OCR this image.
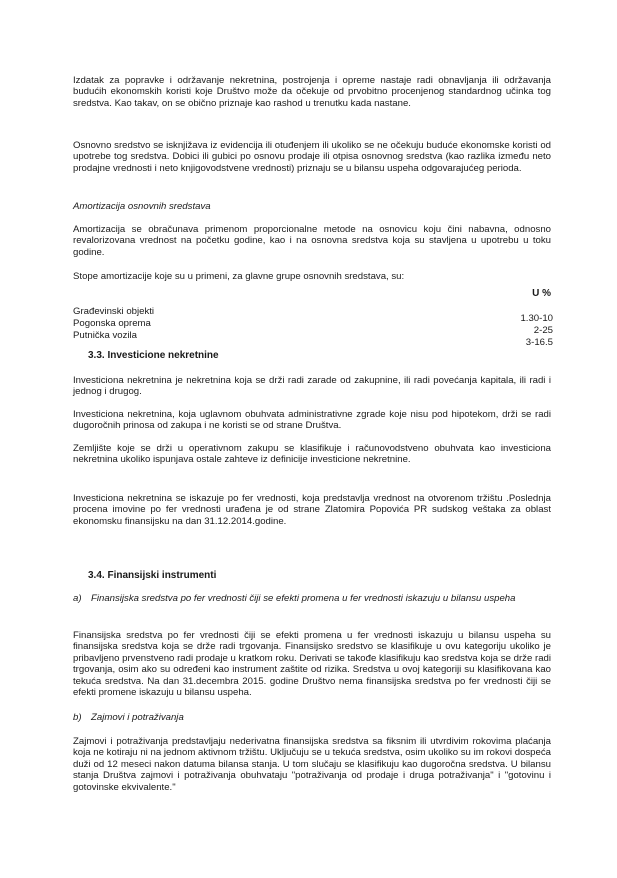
Izdatak za popravke i održavanje nekretnina, postrojenja i opreme nastaje radi obnavljanja ili održavanja budućih ekonomskih koristi koje Društvo može da očekuje od prvobitno procenjenog standardnog učinka tog sredstva. Kao takav, on se obično priznaje kao rashod u trenutku kada nastane.

Osnovno sredstvo se isknjižava iz evidencija ili otuđenjem ili ukoliko se ne očekuju buduće ekonomske koristi od upotrebe tog sredstva. Dobici ili gubici po osnovu prodaje ili otpisa osnovnog sredstva (kao razlika između neto prodajne vrednosti i neto knjigovodstvene vrednosti) priznaju se u bilansu uspeha odgovarajućeg perioda.

Amortizacija osnovnih sredstava

Amortizacija se obračunava primenom proporcionalne metode na osnovicu koju čini nabavna, odnosno revalorizovana vrednost na početku godine, kao i na osnovna sredstva koja su stavljena u upotrebu u toku godine.

Stope amortizacije koje su u primeni, za glavne grupe osnovnih sredstava, su:

U %
Građevinski objekti
Pogonska oprema
Putnička vozila
1.30-10
2-25
3-16.5
3.3. Investicione nekretnine

Investiciona nekretnina je nekretnina koja se drži radi zarade od zakupnine, ili radi povećanja kapitala, ili radi i jednog i drugog.

Investiciona nekretnina, koja uglavnom obuhvata administrativne zgrade koje nisu pod hipotekom, drži se radi dugoročnih prinosa od zakupa i ne koristi se od strane Društva.

Zemljište koje se drži u operativnom zakupu se klasifikuje i računovodstveno obuhvata kao investiciona nekretnina ukoliko ispunjava ostale zahteve iz definicije investicione nekretnine.

Investiciona nekretnina se iskazuje po fer vrednosti, koja predstavlja vrednost na otvorenom tržištu .Poslednja procena imovine po fer vrednosti urađena je od strane Zlatomira Popovića PR sudskog veštaka za oblast ekonomsku finansijsku na dan 31.12.2014.godine.

3.4. Finansijski instrumenti
a) Finansijska sredstva po fer vrednosti čiji se efekti promena u fer vrednosti iskazuju u bilansu uspeha

Finansijska sredstva po fer vrednosti čiji se efekti promena u fer vrednosti iskazuju u bilansu uspeha su finansijska sredstva koja se drže radi trgovanja. Finansijsko sredstvo se klasifikuje u ovu kategoriju ukoliko je pribavljeno prvenstveno radi prodaje u kratkom roku. Derivati se takođe klasifikuju kao sredstva koja se drže radi trgovanja, osim ako su određeni kao instrument zaštite od rizika. Sredstva u ovoj kategoriji su klasifikovana kao tekuća sredstva. Na dan 31.decembra 2015. godine Društvo nema finansijska sredstva po fer vrednosti čiji se efekti promene iskazuju u bilansu uspeha.

b) Zajmovi i potraživanja

Zajmovi i potraživanja predstavljaju nederivatna finansijska sredstva sa fiksnim ili utvrdivim rokovima plaćanja koja ne kotiraju ni na jednom aktivnom tržištu. Uključuju se u tekuća sredstva, osim ukoliko su im rokovi dospeća duži od 12 meseci nakon datuma bilansa stanja. U tom slučaju se klasifikuju kao dugoročna sredstva. U bilansu stanja Društva zajmovi i potraživanja obuhvataju "potraživanja od prodaje i druga potraživanja" i "gotovinu i gotovinske ekvivalente."
